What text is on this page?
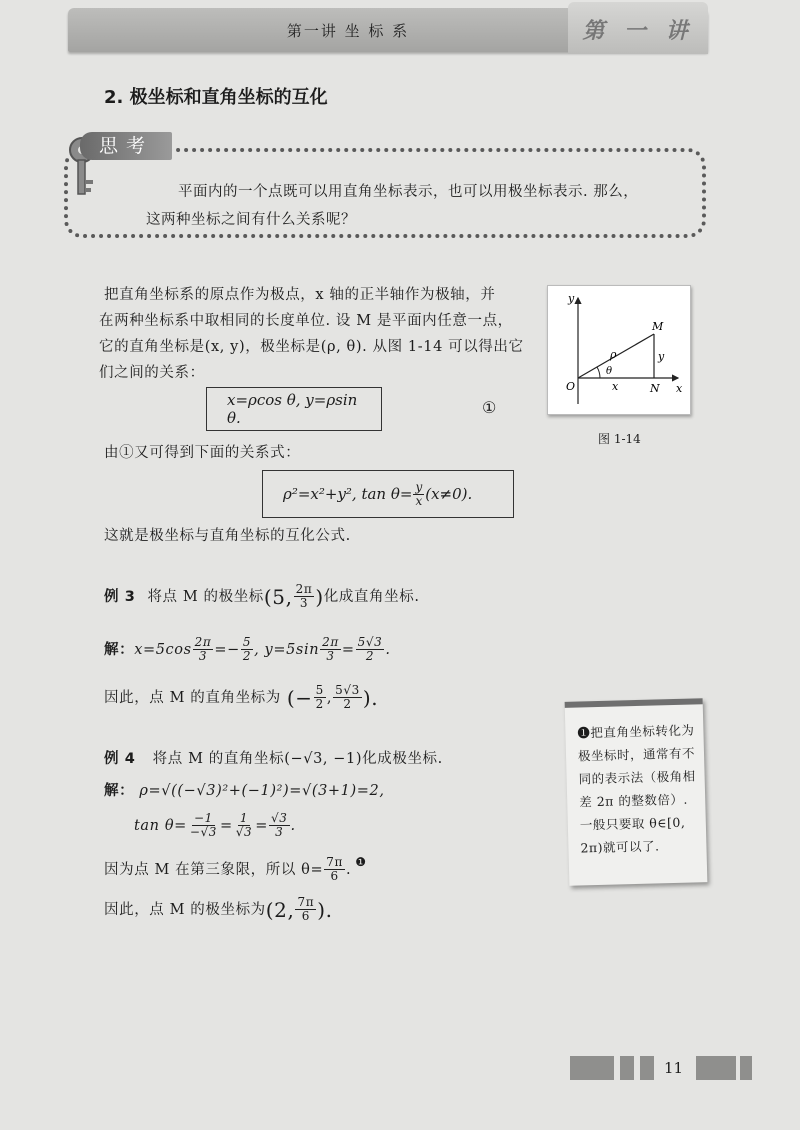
第一讲 坐 标 系	第 一 讲
2. 极坐标和直角坐标的互化
思考
平面内的一个点既可以用直角坐标表示，也可以用极坐标表示. 那么，
这两种坐标之间有什么关系呢？
把直角坐标系的原点作为极点，x 轴的正半轴作为极轴，并
在两种坐标系中取相同的长度单位. 设 M 是平面内任意一点，
它的直角坐标是(x, y)，极坐标是(ρ, θ). 从图 1-14 可以得出它
们之间的关系：
y
x
O
M
N
ρ
θ
x
y
图 1-14
x=ρcos θ, y=ρsin θ.
①
由①又可得到下面的关系式：
ρ²=x²+y², $\tan \theta= \frac{y}{x} (x\ne 0)$.
这就是极坐标与直角坐标的互化公式.
例 3 将点 M 的极坐标 (5, $\frac{2\pi}{3}$ ) 化成直角坐标.
解： $x=5\cos \frac{2\pi}{3} =- \frac{5}{2}$ , $y=5\sin \frac{2\pi}{3} = \frac{5√3}{2}$ .
因此，点 M 的直角坐标为 (− $\frac{5}{2}$ , $\frac{5√3}{2}$ ).
例 4 将点 M 的直角坐标(−√3, −1)化成极坐标.
解： ρ=√((−√3)²+(−1)²)=√(3+1)=2,
$\tan \theta= \frac{-1}{-√3} = \frac{1}{√3} = \frac{√3}{3}$ .
因为点 M 在第三象限，所以 $\theta= \frac{7\pi}{6}$ . ❶
因此，点 M 的极坐标为 (2, $\frac{7\pi}{6}$ ).
❶把直角坐标转化为极坐标时，通常有不同的表示法（极角相差 2π 的整数倍）. 一般只要取 θ∈[0, 2π)就可以了.
11
